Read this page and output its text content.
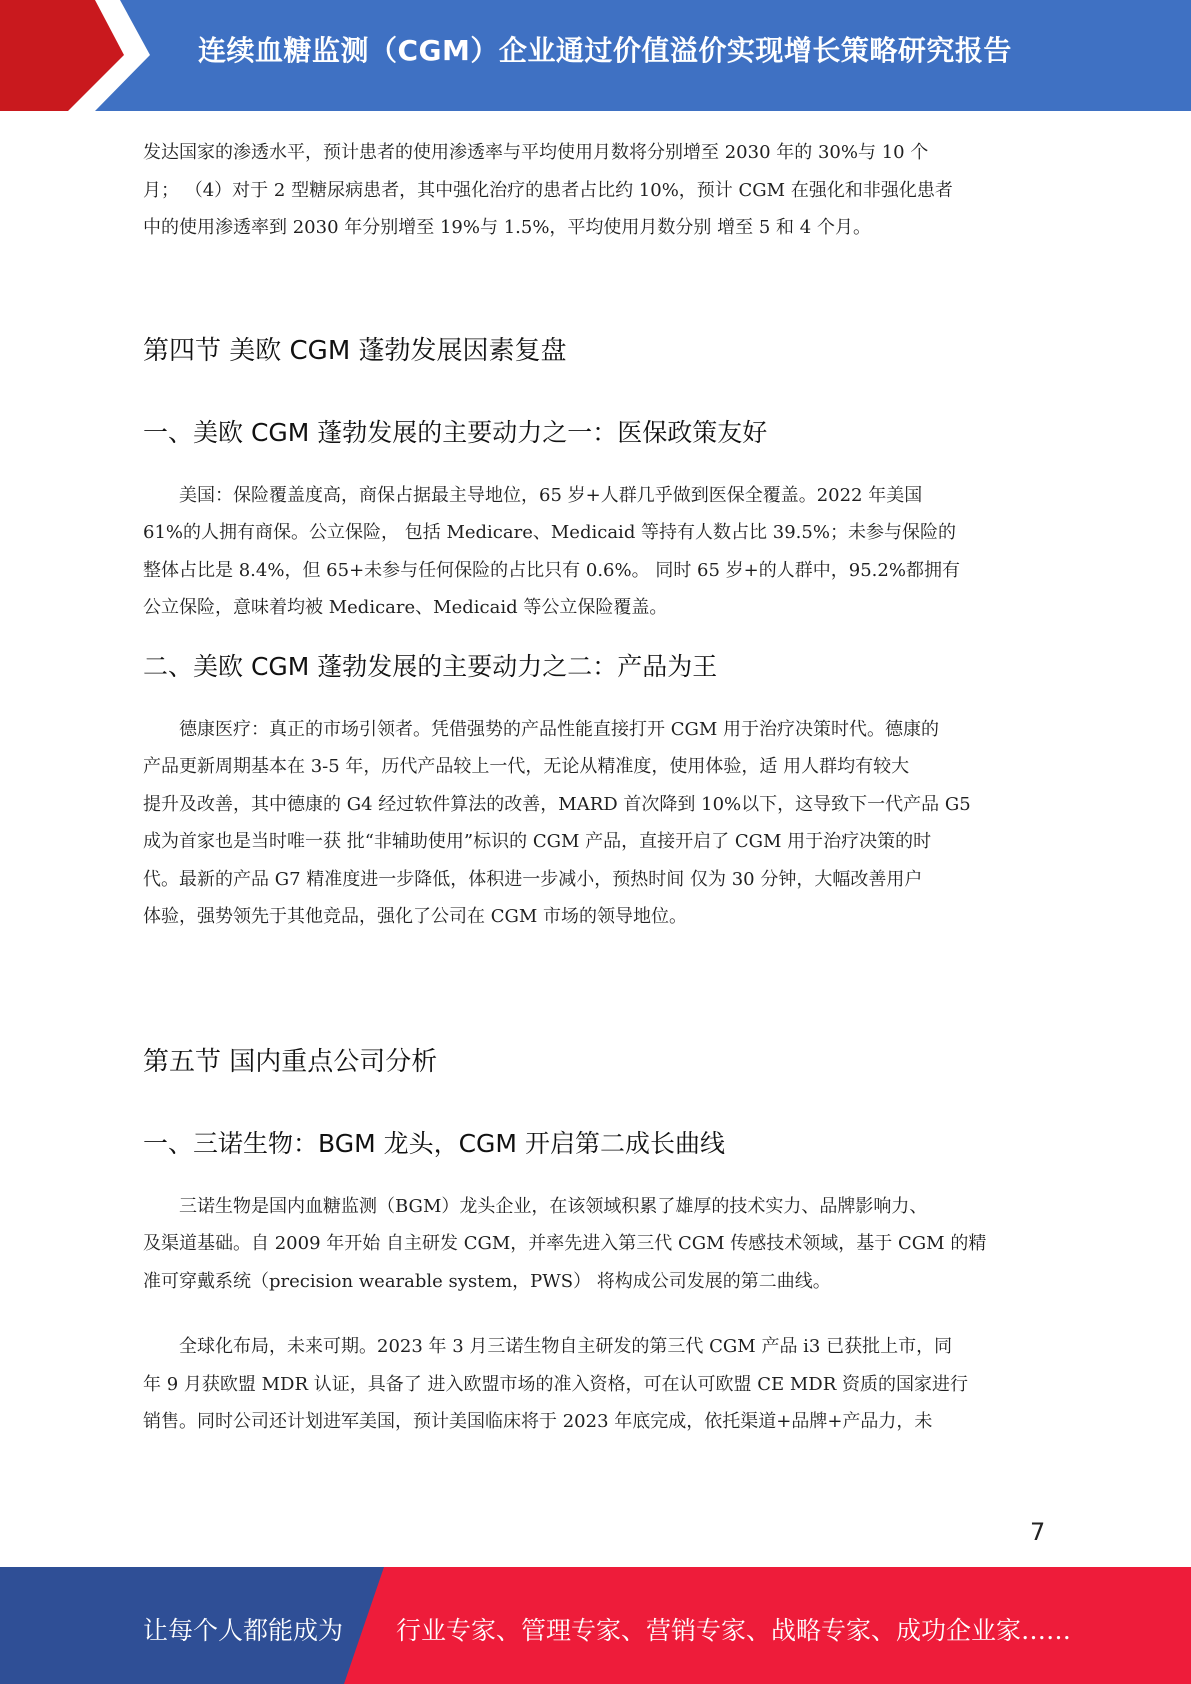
连续血糖监测（CGM）企业通过价值溢价实现增长策略研究报告

发达国家的渗透水平，预计患者的使用渗透率与平均使用月数将分别增至 2030 年的 30%与 10 个

月； （4）对于 2 型糖尿病患者，其中强化治疗的患者占比约 10%，预计 CGM 在强化和非强化患者

中的使用渗透率到 2030 年分别增至 19%与 1.5%，平均使用月数分别 增至 5 和 4 个月。

第四节 美欧 CGM 蓬勃发展因素复盘
一、美欧 CGM 蓬勃发展的主要动力之一：医保政策友好

美国：保险覆盖度高，商保占据最主导地位，65 岁+人群几乎做到医保全覆盖。2022 年美国

61%的人拥有商保。公立保险， 包括 Medicare、Medicaid 等持有人数占比 39.5%；未参与保险的

整体占比是 8.4%，但 65+未参与任何保险的占比只有 0.6%。 同时 65 岁+的人群中，95.2%都拥有

公立保险，意味着均被 Medicare、Medicaid 等公立保险覆盖。

二、美欧 CGM 蓬勃发展的主要动力之二：产品为王

德康医疗：真正的市场引领者。凭借强势的产品性能直接打开 CGM 用于治疗决策时代。德康的

产品更新周期基本在 3-5 年，历代产品较上一代，无论从精准度，使用体验，适 用人群均有较大

提升及改善，其中德康的 G4 经过软件算法的改善，MARD 首次降到 10%以下，这导致下一代产品 G5

成为首家也是当时唯一获 批“非辅助使用”标识的 CGM 产品，直接开启了 CGM 用于治疗决策的时

代。最新的产品 G7 精准度进一步降低，体积进一步减小，预热时间 仅为 30 分钟，大幅改善用户

体验，强势领先于其他竞品，强化了公司在 CGM 市场的领导地位。

第五节 国内重点公司分析
一、三诺生物：BGM 龙头，CGM 开启第二成长曲线

三诺生物是国内血糖监测（BGM）龙头企业，在该领域积累了雄厚的技术实力、品牌影响力、

及渠道基础。自 2009 年开始 自主研发 CGM，并率先进入第三代 CGM 传感技术领域，基于 CGM 的精

准可穿戴系统（precision wearable system，PWS） 将构成公司发展的第二曲线。

全球化布局，未来可期。2023 年 3 月三诺生物自主研发的第三代 CGM 产品 i3 已获批上市，同

年 9 月获欧盟 MDR 认证，具备了 进入欧盟市场的准入资格，可在认可欧盟 CE MDR 资质的国家进行

销售。同时公司还计划进军美国，预计美国临床将于 2023 年底完成，依托渠道+品牌+产品力，未

7
让每个人都能成为 行业专家、管理专家、营销专家、战略专家、成功企业家……
